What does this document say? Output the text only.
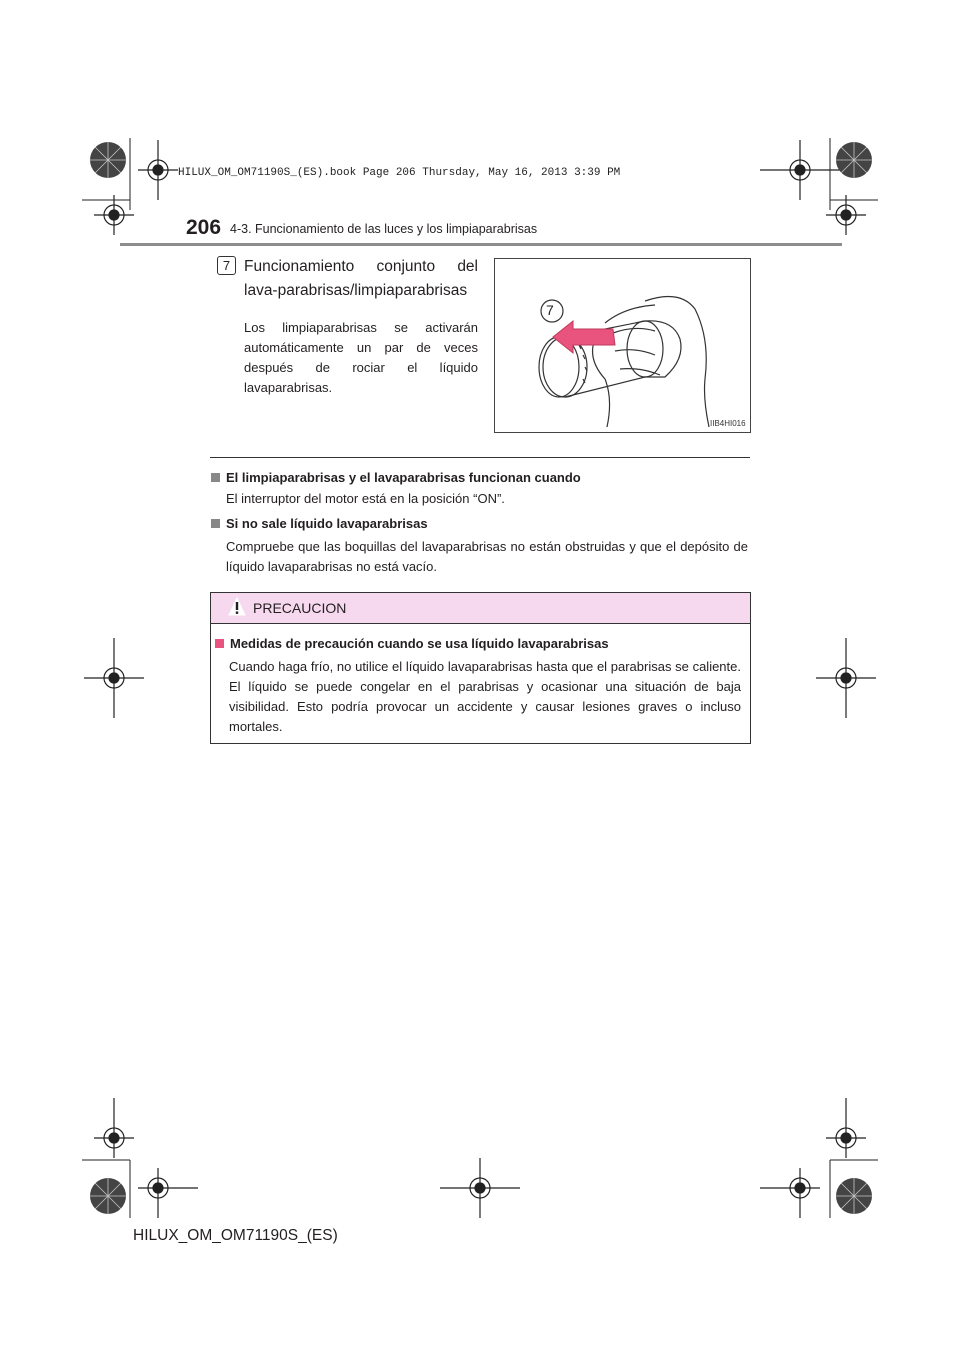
HILUX_OM_OM71190S_(ES).book Page 206 Thursday, May 16, 2013 3:39 PM
206 4-3. Funcionamiento de las luces y los limpiaparabrisas
7 Funcionamiento conjunto del lava-parabrisas/limpiaparabrisas
Los limpiaparabrisas se activarán automáticamente un par de veces después de rociar el líquido lavaparabrisas.
7
IIB4HI016
El limpiaparabrisas y el lavaparabrisas funcionan cuando
El interruptor del motor está en la posición “ON”.
Si no sale líquido lavaparabrisas
Compruebe que las boquillas del lavaparabrisas no están obstruidas y que el depósito de líquido lavaparabrisas no está vacío.
PRECAUCION
Medidas de precaución cuando se usa líquido lavaparabrisas
Cuando haga frío, no utilice el líquido lavaparabrisas hasta que el parabrisas se caliente. El líquido se puede congelar en el parabrisas y ocasionar una situación de baja visibilidad. Esto podría provocar un accidente y causar lesiones graves o incluso mortales.
HILUX_OM_OM71190S_(ES)
